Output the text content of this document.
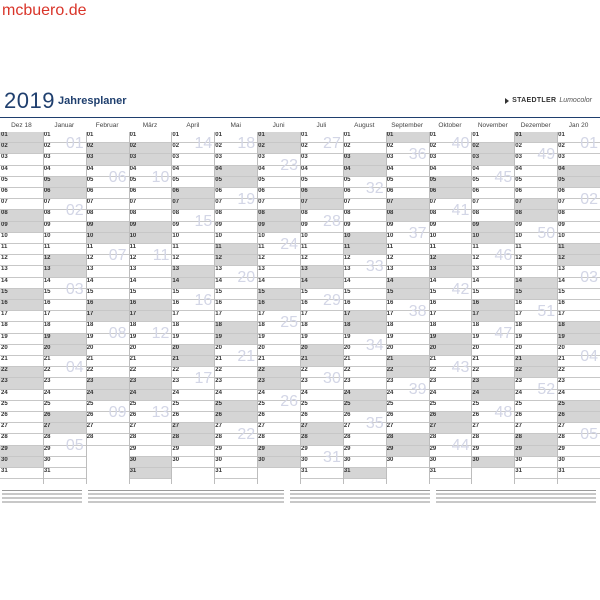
mcbuero.de
2019 Jahresplaner	STAEDTLER Lumocolor
Dez 18
01
02
03
04
05
06
07
08
09
10
11
12
13
14
15
16
17
18
19
20
21
22
23
24
25
26
27
28
29
30
31
Januar
01
02
03
04
05
06
07
08
09
10
11
12
13
14
15
16
17
18
19
20
21
22
23
24
25
26
27
28
29
30
31
01
02
03
04
05
Februar
01
02
03
04
05
06
07
08
09
10
11
12
13
14
15
16
17
18
19
20
21
22
23
24
25
26
27
28
06
07
08
09
März
01
02
03
04
05
06
07
08
09
10
11
12
13
14
15
16
17
18
19
20
21
22
23
24
25
26
27
28
29
30
31
10
11
12
13
April
01
02
03
04
05
06
07
08
09
10
11
12
13
14
15
16
17
18
19
20
21
22
23
24
25
26
27
28
29
30
14
15
16
17
Mai
01
02
03
04
05
06
07
08
09
10
11
12
13
14
15
16
17
18
19
20
21
22
23
24
25
26
27
28
29
30
31
18
19
20
21
22
Juni
01
02
03
04
05
06
07
08
09
10
11
12
13
14
15
16
17
18
19
20
21
22
23
24
25
26
27
28
29
30
23
24
25
26
Juli
01
02
03
04
05
06
07
08
09
10
11
12
13
14
15
16
17
18
19
20
21
22
23
24
25
26
27
28
29
30
31
27
28
29
30
31
August
01
02
03
04
05
06
07
08
09
10
11
12
13
14
15
16
17
18
19
20
21
22
23
24
25
26
27
28
29
30
31
32
33
34
35
September
01
02
03
04
05
06
07
08
09
10
11
12
13
14
15
16
17
18
19
20
21
22
23
24
25
26
27
28
29
30
36
37
38
39
Oktober
01
02
03
04
05
06
07
08
09
10
11
12
13
14
15
16
17
18
19
20
21
22
23
24
25
26
27
28
29
30
31
40
41
42
43
44
November
01
02
03
04
05
06
07
08
09
10
11
12
13
14
15
16
17
18
19
20
21
22
23
24
25
26
27
28
29
30
45
46
47
48
Dezember
01
02
03
04
05
06
07
08
09
10
11
12
13
14
15
16
17
18
19
20
21
22
23
24
25
26
27
28
29
30
31
49
50
51
52
Jan 20
01
02
03
04
05
06
07
08
09
10
11
12
13
14
15
16
17
18
19
20
21
22
23
24
25
26
27
28
29
30
31
01
02
03
04
05
